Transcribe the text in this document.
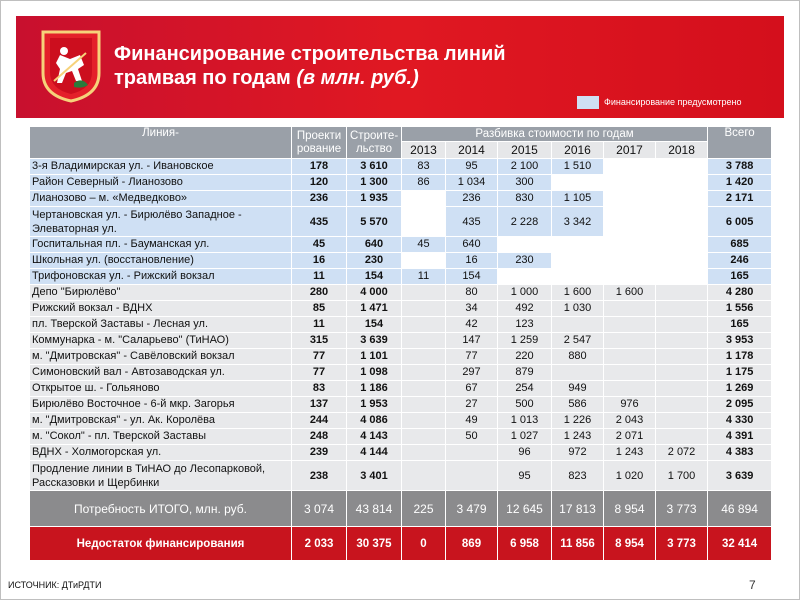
Финансирование строительства линий
трамвая по годам (в млн. руб.)
Финансирование предусмотрено
Линия-	Проекти рование	Строите- льство	Разбивка стоимости по годам						Всего
			2013	2014	2015	2016	2017	2018	
3-я Владимирская ул. - Ивановское	178	3 610	83	95	2 100	1 510			3 788
Район Северный - Лианозово	120	1 300	86	1 034	300				1 420
Лианозово – м. «Медведково»	236	1 935		236	830	1 105			2 171
Чертановская ул. - Бирюлёво Западное - Элеваторная ул.	435	5 570		435	2 228	3 342			6 005
Госпитальная пл. - Бауманская ул.	45	640	45	640					685
Школьная ул. (восстановление)	16	230		16	230				246
Трифоновская ул. - Рижский вокзал	11	154	11	154					165
Депо "Бирюлёво"	280	4 000		80	1 000	1 600	1 600		4 280
Рижский вокзал - ВДНХ	85	1 471		34	492	1 030			1 556
пл. Тверской Заставы - Лесная ул.	11	154		42	123				165
Коммунарка - м. "Саларьево" (ТиНАО)	315	3 639		147	1 259	2 547			3 953
м. "Дмитровская" - Савёловский вокзал	77	1 101		77	220	880			1 178
Симоновский вал - Автозаводская ул.	77	1 098		297	879				1 175
Открытое ш. - Гольяново	83	1 186		67	254	949			1 269
Бирюлёво Восточное - 6-й мкр. Загорья	137	1 953		27	500	586	976		2 095
м. "Дмитровская" - ул. Ак. Королёва	244	4 086		49	1 013	1 226	2 043		4 330
м. "Сокол" - пл. Тверской Заставы	248	4 143		50	1 027	1 243	2 071		4 391
ВДНХ - Холмогорская ул.	239	4 144			96	972	1 243	2 072	4 383
Продление линии в ТиНАО до Лесопарковой, Рассказовки и Щербинки	238	3 401			95	823	1 020	1 700	3 639
Потребность ИТОГО, млн. руб.	3 074	43 814	225	3 479	12 645	17 813	8 954	3 773	46 894
Недостаток финансирования	2 033	30 375	0	869	6 958	11 856	8 954	3 773	32 414
ИСТОЧНИК: ДТиРДТИ	7
